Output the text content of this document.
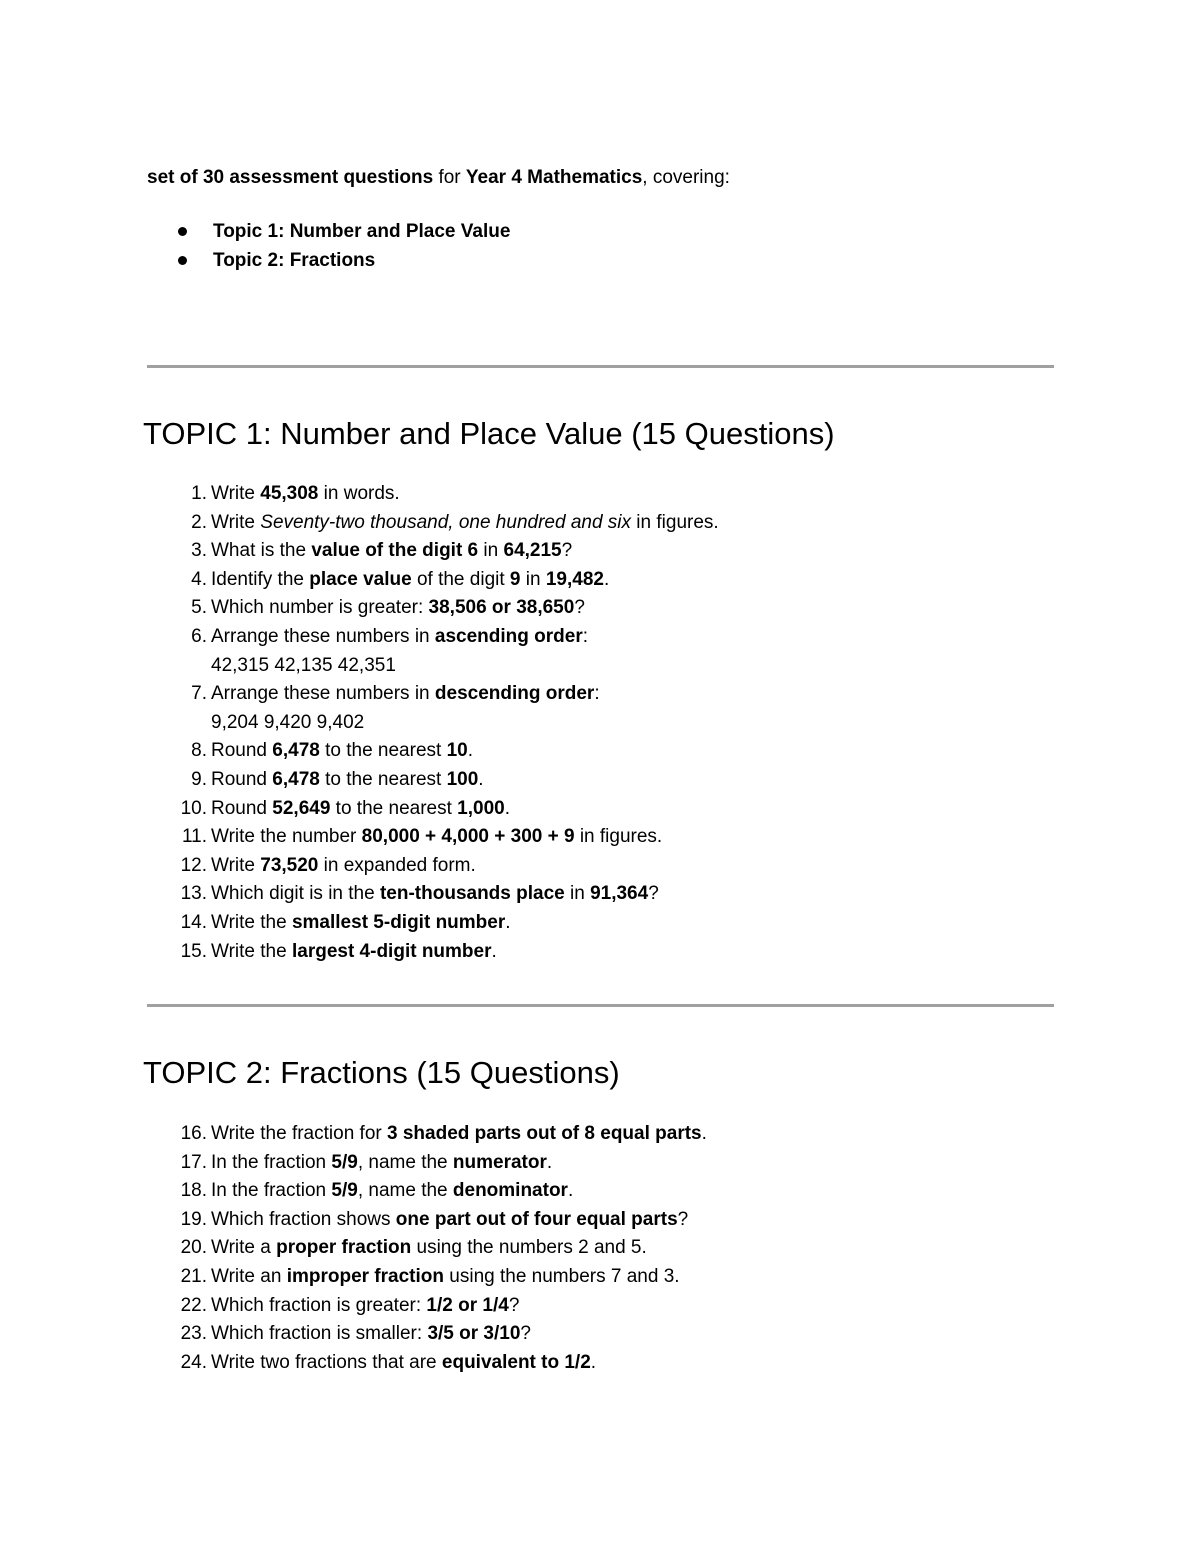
set of 30 assessment questions for Year 4 Mathematics, covering:
Topic 1: Number and Place Value
Topic 2: Fractions
TOPIC 1: Number and Place Value (15 Questions)
1. Write 45,308 in words.
2. Write Seventy-two thousand, one hundred and six in figures.
3. What is the value of the digit 6 in 64,215?
4. Identify the place value of the digit 9 in 19,482.
5. Which number is greater: 38,506 or 38,650?
6. Arrange these numbers in ascending order:
42,315 42,135 42,351
7. Arrange these numbers in descending order:
9,204 9,420 9,402
8. Round 6,478 to the nearest 10.
9. Round 6,478 to the nearest 100.
10. Round 52,649 to the nearest 1,000.
11. Write the number 80,000 + 4,000 + 300 + 9 in figures.
12. Write 73,520 in expanded form.
13. Which digit is in the ten-thousands place in 91,364?
14. Write the smallest 5-digit number.
15. Write the largest 4-digit number.
TOPIC 2: Fractions (15 Questions)
16. Write the fraction for 3 shaded parts out of 8 equal parts.
17. In the fraction 5/9, name the numerator.
18. In the fraction 5/9, name the denominator.
19. Which fraction shows one part out of four equal parts?
20. Write a proper fraction using the numbers 2 and 5.
21. Write an improper fraction using the numbers 7 and 3.
22. Which fraction is greater: 1/2 or 1/4?
23. Which fraction is smaller: 3/5 or 3/10?
24. Write two fractions that are equivalent to 1/2.
